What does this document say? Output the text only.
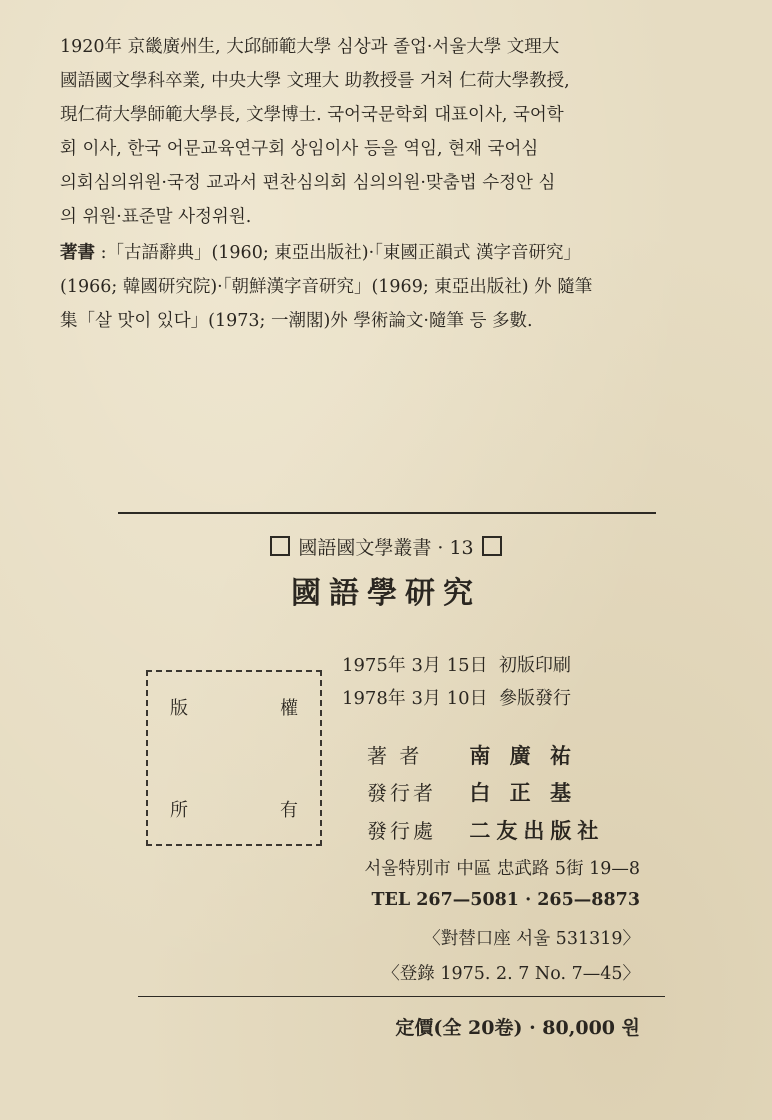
1920年 京畿廣州生, 大邱師範大學 심상과 졸업·서울大學 文理大

國語國文學科卒業, 中央大學 文理大 助教授를 거쳐 仁荷大學教授,

現仁荷大學師範大學長, 文學博士. 국어국문학회 대표이사, 국어학

회 이사, 한국 어문교육연구회 상임이사 등을 역임, 현재 국어심

의회심의위원·국정 교과서 편찬심의회 심의의원·맞춤법 수정안 심

의 위원·표준말 사정위원.

著書 :「古語辭典」(1960; 東亞出版社)·「東國正韻式 漢字音研究」

(1966; 韓國研究院)·「朝鮮漢字音研究」(1969; 東亞出版社) 外 隨筆

集「살 맛이 있다」(1973; 一潮閣)外 學術論文·隨筆 등 多數.

國語國文學叢書 · 13
國語學研究
版	權
所	有
1975年 3月 15日  初版印刷
1978年 3月 10日  參版發行
著 者 南 廣 祐
發行者 白 正 基
發行處 二友出版社
서울特別市 中區 忠武路 5街 19—8
TEL 267—5081 · 265—8873
〈對替口座 서울 531319〉
〈登錄 1975. 2. 7 No. 7—45〉
定價(全 20卷) · 80,000 원
